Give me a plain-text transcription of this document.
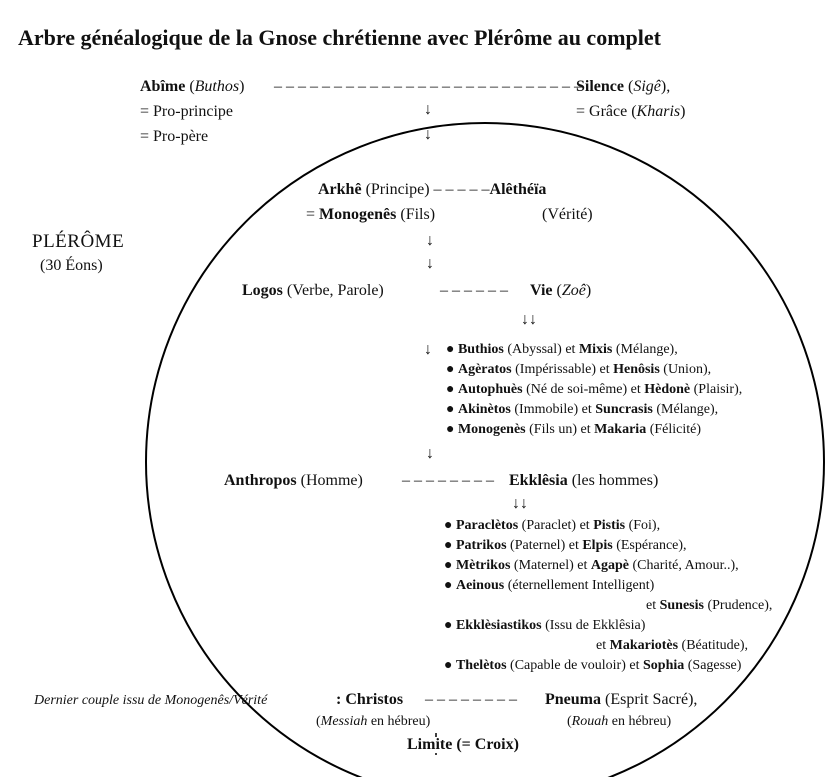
Arbre généalogique de la Gnose chrétienne avec Plérôme au complet
Abîme (Buthos) – – – – – – – – – – – – – – – – – – – – – – – – – –
Silence (Sigê),
= Pro-principe	= Grâce (Kharis)
= Pro-père
↓
↓
PLÉRÔME
(30 Éons)
Arkhê (Principe) – – – – –Alêthéïa
= Monogenês (Fils)	(Vérité)
↓
↓
Logos (Verbe, Parole)	– – – – – – Vie (Zoê)
↓↓
↓ ● Buthios (Abyssal) et Mixis (Mélange),
● Agèratos (Impérissable) et Henôsis (Union),
● Autophuès (Né de soi-même) et Hèdonè (Plaisir),
● Akinètos (Immobile) et Suncrasis (Mélange),
● Monogenès (Fils un) et Makaria (Félicité)
↓
Anthropos (Homme) – – – – – – – – Ekklêsia (les hommes)
↓↓
● Paraclètos (Paraclet) et Pistis (Foi),
● Patrikos (Paternel) et Elpis (Espérance),
● Mètrikos (Maternel) et Agapè (Charité, Amour..),
● Aeinous (éternellement Intelligent)
et Sunesis (Prudence),
● Ekklèsiastikos (Issu de Ekklêsia)
et Makariotès (Béatitude),
● Thelètos (Capable de vouloir) et Sophia (Sagesse)
Dernier couple issu de Monogenês/Vérité	: Christos – – – – – – – – Pneuma (Esprit Sacré),
(Messiah en hébreu)	(Rouah en hébreu)
Limite (= Croix)
